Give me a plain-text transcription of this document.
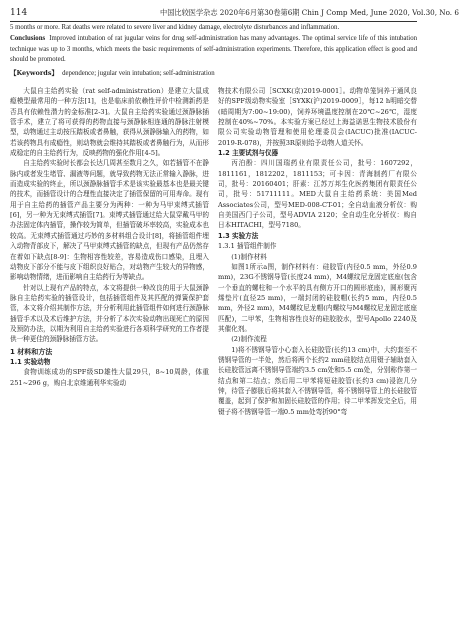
114	中国比较医学杂志 2020年6月第30卷第6期 Chin J Comp Med, June 2020, Vol.30, No. 6

5 months or more. Rat deaths were related to severe liver and kidney damage, electrolyte disturbances and inflammation.

Conclusions Improved intubation of rat jugular veins for drug self-administration has many advantages. The optimal service life of this intubation technique was up to 3 months, which meets the basic requirements of self-administration experiments. Therefore, this application effect is good and should be promoted.

【Keywords】 dependence; jugular vein intubation; self-administration

大鼠自主给药实验（rat self-administration）是建立大鼠成瘾模型最常用的一种方法[1]，也是临床前依赖性评价中检测新药是否具有依赖性潜力的金标准[2-3]。大鼠自主给药实验通过颈静脉插管手术，建立了将可获得的药物直接与颈静脉相连通的静脉注射模型，动物通过主动按压踏板或者鼻触，获得从颈静脉输入的药物，如若该药物具有成瘾性，则动物就会维持其踏板或者鼻触行为，从而形成稳定的自主给药行为，反映药物的强化作用[4-5]。

自主给药实验时长都会长达几周甚至数月之久，如若插管不在静脉内或者发生堵管、漏液等问题，就导致药物无法正常输入静脉，进而造成实验的终止，所以颈静脉插管手术是该实验最基本也是最关键的技术，而插管设计的合理性直接决定了插管保留的可用寿命。现有用于自主给药的插管产品主要分为两种：一种为马甲束缚式插管[6]，另一种为无束缚式插管[7]。束缚式插管通过给大鼠穿戴马甲的办法固定体内插管，操作较为简单，但插管破坏率较高，实验成本也较高。无束缚式插管通过巧妙的多材料组合设计[8]，将插管组件埋入动物背部皮下，解决了马甲束缚式插管的缺点，但现有产品仍然存在着如下缺点[8-9]：生物相容性较差，容易造成伤口感染，且埋入动物皮下部分不能与皮下组织良好贴合，对动物产生较大的异物感，影响动物情绪，进而影响自主给药行为等缺点。

针对以上现有产品的特点，本文将提供一种改良的用于大鼠颈静脉自主给药实验的插管设计，包括插管组件及其匹配的弹簧保护套管，本文将介绍其制作方法，并分析利用此插管组件如何进行颈静脉插管手术以及术后维护方法，并分析了本次实验动物出现死亡的原因及预防办法，以期为利用自主给药实验进行各项科学研究的工作者提供一种更佳的颈静脉插管方法。

1 材料和方法

1.1 实验动物

食物训练成功的SPF级SD雄性大鼠29只，8~10周龄，体重251~296 g，购自北京维通利华实验动

物技术有限公司［SCXK(京)2019-0001］。动物单笼饲养于通风良好的SPF级动物实验室［SYXK(沪)2019-0009］，每12 h明暗交替(暗周期为7:00~19:00)，饲养环境温度控制在20℃~26℃，湿度控制在40%~70%。本实验方案已经过上海益诺思生物技术股份有限公司实验动物管理和使用伦理委员会(IACUC)批准(IACUC-2019-R-078)，并按照3R原则给予动物人道关怀。

1.2 主要试剂与仪器

丙泊酚：四川国瑞药业有限责任公司，批号：1607292，1811161，1812202，1811153；可卡因：青海制药厂有限公司，批号：20160401；肝素：江苏万邦生化医药集团有限责任公司，批号：51711111。MED大鼠自主给药系统：美国Med Associates公司，型号MED-008-CT-01；全自动血液分析仪：购自美国西门子公司，型号ADVIA 2120；全自动生化分析仪：购自日本HITACHI，型号7180。

1.3 实验方法

1.3.1 插管组件制作

(1)制作材料

如图1所示a图，制作材料有：硅胶管(内径0.5 mm，外径0.9 mm)，23G不锈钢导管(长度24 mm)，M4螺纹尼龙固定底座(包含一个垂直的螺柱和一个水平的具有侧方开口的圆形底座)，圆形聚丙烯垫片(直径25 mm)，一端封闭的硅胶帽(长约5 mm，内径0.5 mm，外径2 mm)，M4螺纹尼龙帽(内螺纹与M4螺纹尼龙固定底座匹配)，二甲苯，生物相容性良好的硅胶胶水，型号Apollo 2240及其催化剂。

(2)制作流程

1)将不锈钢导管小心套入长硅胶管(长约13 cm)中，大约套至不锈钢导管的一半处，然后将两个长约2 mm硅胶结点用镊子辅助套入长硅胶管远离不锈钢导管端约3.5 cm处和5.5 cm处，分别称作第一结点和第二结点；然后用二甲苯将短硅胶管(长约3 cm)浸泡几分钟，待管子膨胀后将其套入不锈钢导管，将不锈钢导管上的长硅胶管覆盖，起到了保护和加固长硅胶管的作用；待二甲苯挥发完全后，用镊子将不锈钢导管一端0.5 mm处弯折90°弯
